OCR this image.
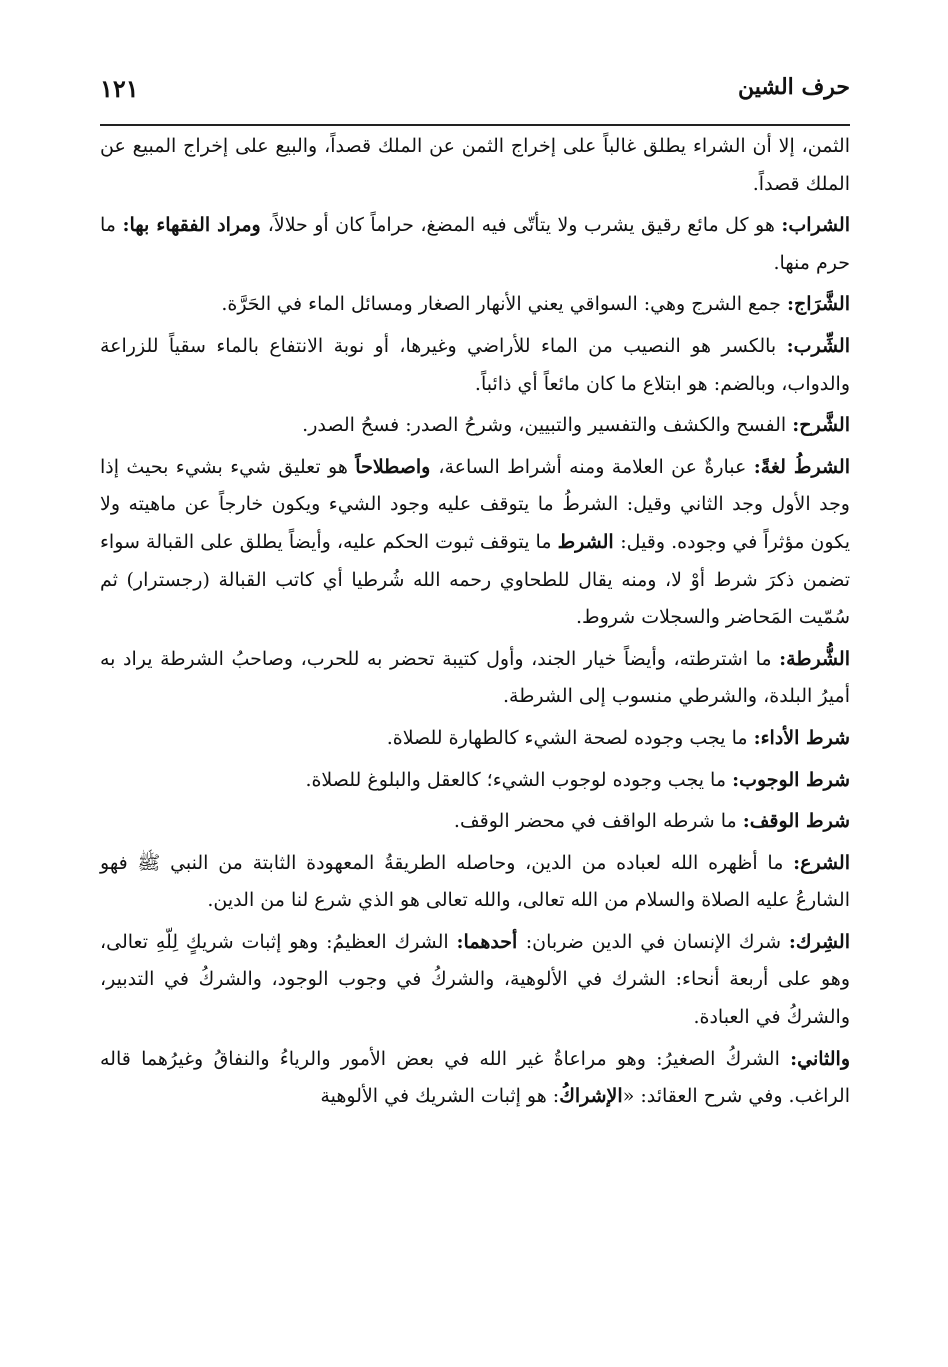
حرف الشين
١٢١

الثمن، إلا أن الشراء يطلق غالباً على إخراج الثمن عن الملك قصداً، والبيع على إخراج المبيع عن الملك قصداً.

الشراب: هو كل مائع رقيق يشرب ولا يتأتّى فيه المضغ، حراماً كان أو حلالاً، ومراد الفقهاء بها: ما حرم منها.

الشَّرَاج: جمع الشرج وهي: السواقي يعني الأنهار الصغار ومسائل الماء في الحَرَّة.

الشِّرب: بالكسر هو النصيب من الماء للأراضي وغيرها، أو نوبة الانتفاع بالماء سقياً للزراعة والدواب، وبالضم: هو ابتلاع ما كان مائعاً أي ذائباً.

الشَّرح: الفسح والكشف والتفسير والتبيين، وشرحُ الصدر: فسحُ الصدر.

الشرطُ لغةً: عبارةٌ عن العلامة ومنه أشراط الساعة، واصطلاحاً هو تعليق شيء بشيء بحيث إذا وجد الأول وجد الثاني وقيل: الشرطُ ما يتوقف عليه وجود الشيء ويكون خارجاً عن ماهيته ولا يكون مؤثراً في وجوده. وقيل: الشرط ما يتوقف ثبوت الحكم عليه، وأيضاً يطلق على القبالة سواء تضمن ذكرَ شرط أوْ لا، ومنه يقال للطحاوي رحمه الله شُرطيا أي كاتب القبالة (رجسترار) ثم سُمّيت المَحاضر والسجلات شروط.

الشُّرطة: ما اشترطته، وأيضاً خيار الجند، وأول كتيبة تحضر به للحرب، وصاحبُ الشرطة يراد به أميرُ البلدة، والشرطي منسوب إلى الشرطة.

شرط الأداء: ما يجب وجوده لصحة الشيء كالطهارة للصلاة.

شرط الوجوب: ما يجب وجوده لوجوب الشيء؛ كالعقل والبلوغ للصلاة.

شرط الوقف: ما شرطه الواقف في محضر الوقف.

الشرع: ما أظهره الله لعباده من الدين، وحاصله الطريقةُ المعهودة الثابتة من النبي ﷺ فهو الشارعُ عليه الصلاة والسلام من الله تعالى، والله تعالى هو الذي شرع لنا من الدين.

الشِرك: شرك الإنسان في الدين ضربان: أحدهما: الشرك العظيمُ: وهو إثبات شريكٍ لِلّهِ تعالى، وهو على أربعة أنحاء: الشرك في الألوهية، والشركُ في وجوب الوجود، والشركُ في التدبير، والشركُ في العبادة.

والثاني: الشركُ الصغيرُ: وهو مراعاةُ غير الله في بعض الأمور والرياءُ والنفاقُ وغيرُهما قاله الراغب. وفي شرح العقائد: «الإشراكُ: هو إثبات الشريك في الألوهية
